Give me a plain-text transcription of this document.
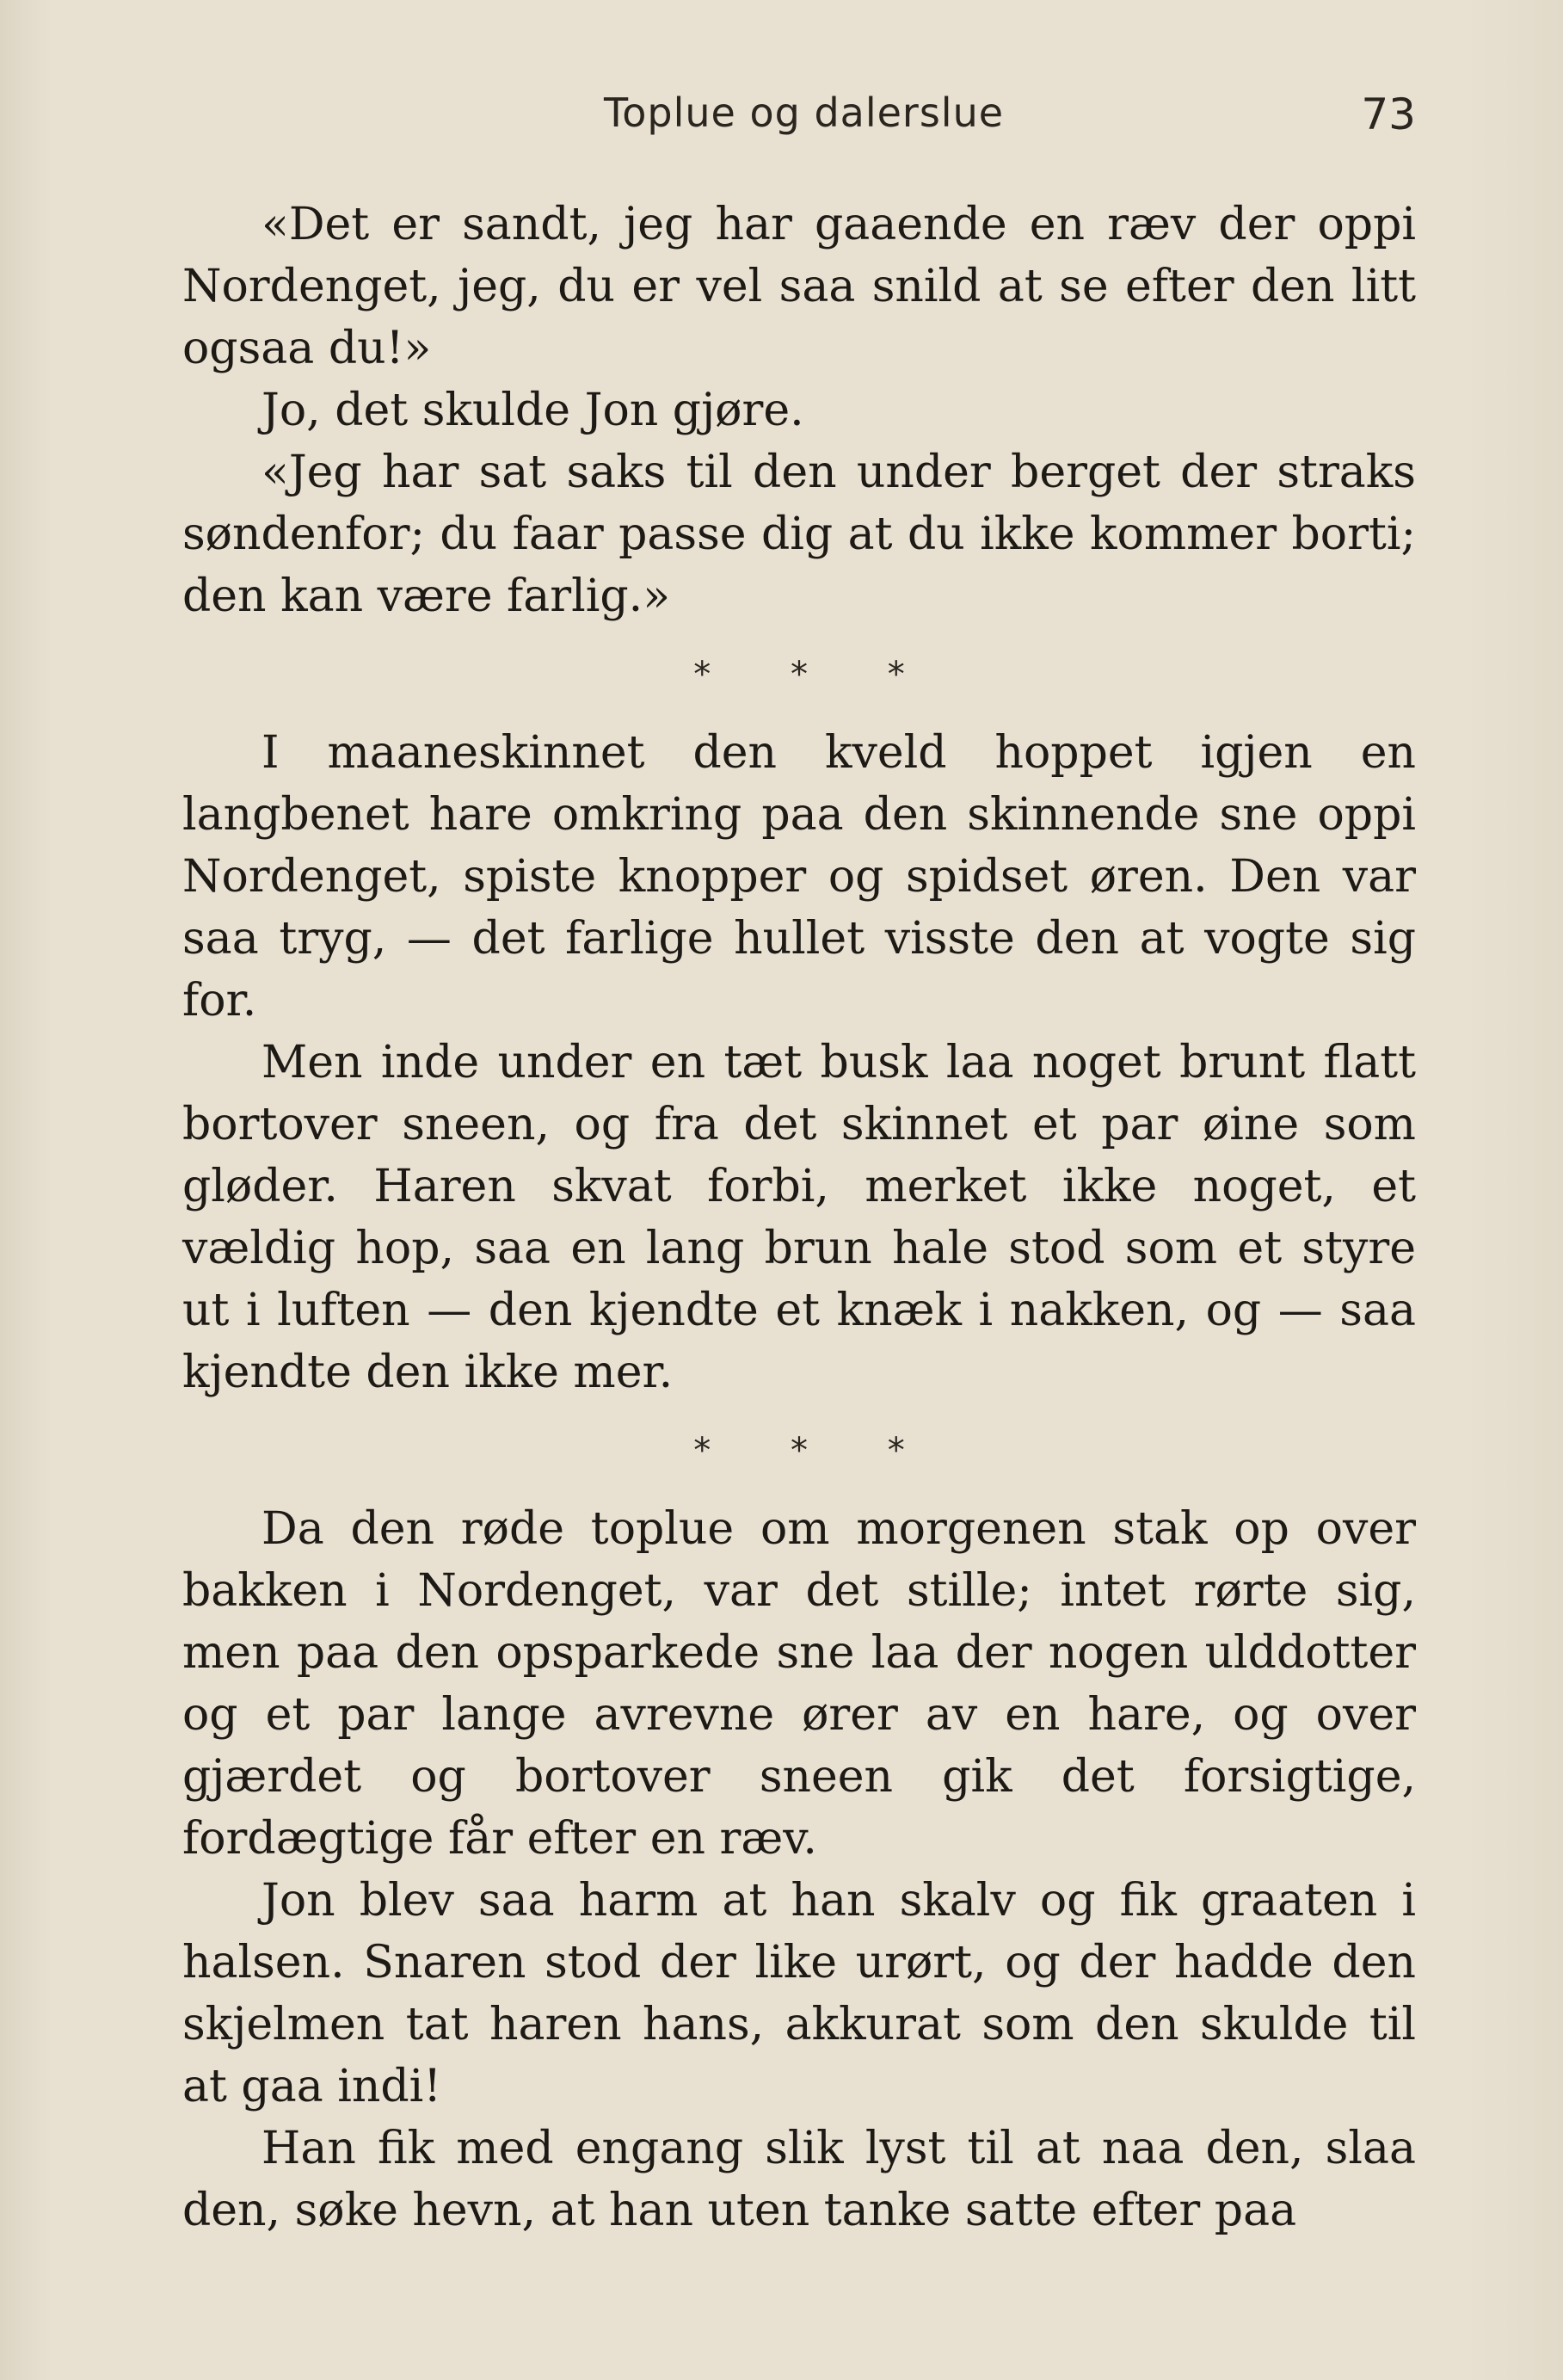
Toplue og dalerslue	73

«Det er sandt, jeg har gaaende en ræv der oppi Nordenget, jeg, du er vel saa snild at se efter den litt ogsaa du!»

Jo, det skulde Jon gjøre.

«Jeg har sat saks til den under berget der straks søndenfor; du faar passe dig at du ikke kommer borti; den kan være farlig.»

* * *

I maaneskinnet den kveld hoppet igjen en langbenet hare omkring paa den skinnende sne oppi Nordenget, spiste knopper og spidset øren. Den var saa tryg, — det farlige hullet visste den at vogte sig for.

Men inde under en tæt busk laa noget brunt flatt bortover sneen, og fra det skinnet et par øine som gløder. Haren skvat forbi, merket ikke noget, et vældig hop, saa en lang brun hale stod som et styre ut i luften — den kjendte et knæk i nakken, og — saa kjendte den ikke mer.

* * *

Da den røde toplue om morgenen stak op over bakken i Nordenget, var det stille; intet rørte sig, men paa den opsparkede sne laa der nogen ulddotter og et par lange avrevne ører av en hare, og over gjærdet og bortover sneen gik det forsigtige, fordægtige får efter en ræv.

Jon blev saa harm at han skalv og fik graaten i halsen. Snaren stod der like urørt, og der hadde den skjelmen tat haren hans, akkurat som den skulde til at gaa indi!

Han fik med engang slik lyst til at naa den, slaa den, søke hevn, at han uten tanke satte efter paa
